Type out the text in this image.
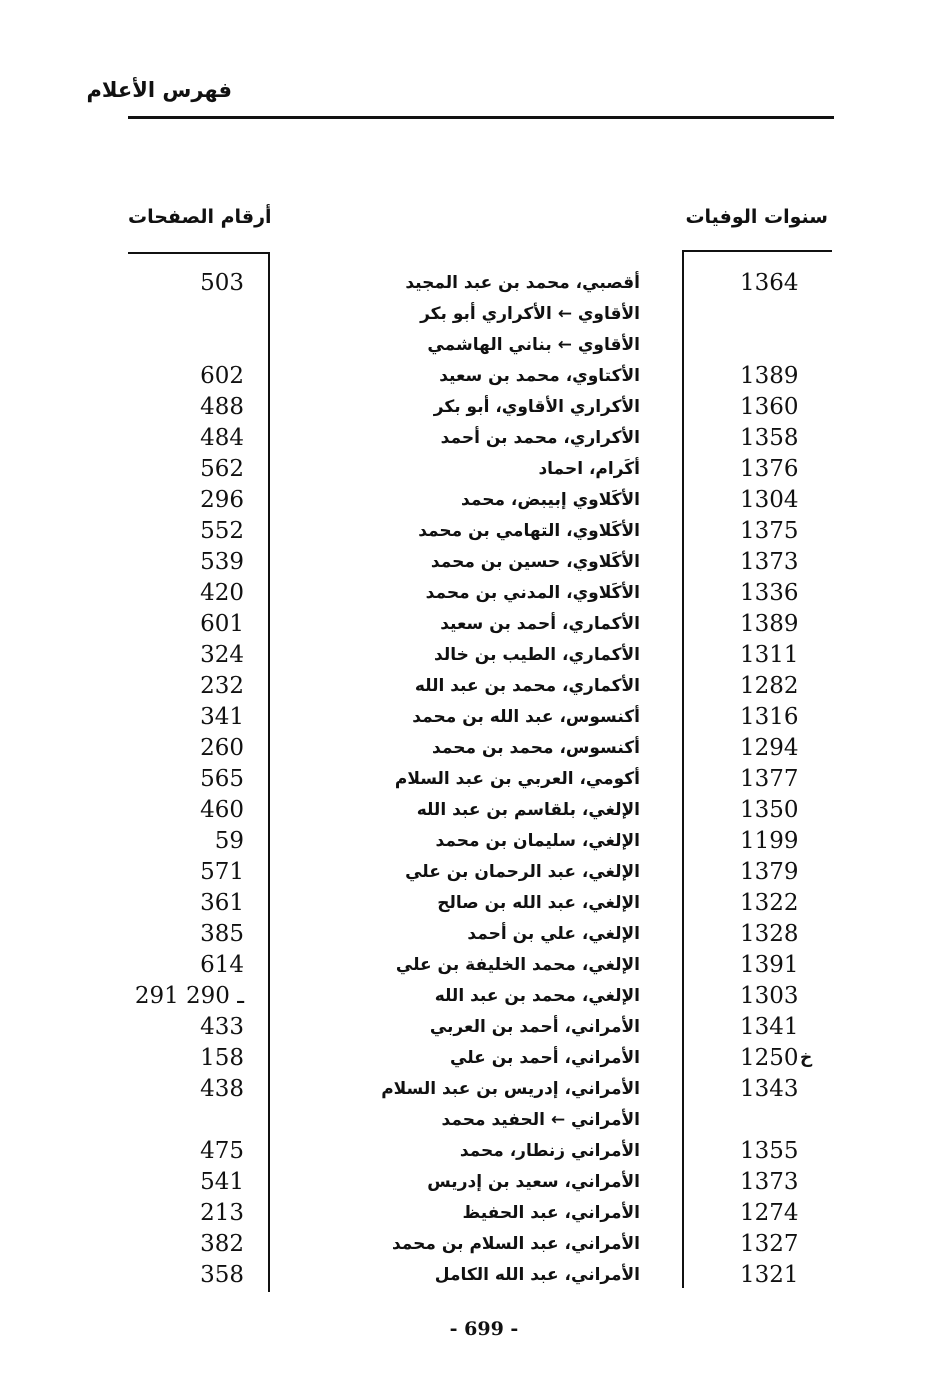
فهرس الأعلام
سنوات الوفيات
أرقام الصفحات
503	أقصبي، محمد بن عبد المجيد	1364
الأقاوي ← الأكراري أبو بكر
الأقاوي ← بناني الهاشمي
602	الأكتاوي، محمد بن سعيد	1389
488	الأكراري الأقاوي، أبو بكر	1360
484	الأكراري، محمد بن أحمد	1358
562	أكَرام، احماد	1376
296	الأكَلاوي إبيبض، محمد	1304
552	الأكَلاوي، التهامي بن محمد	1375
539	الأكَلاوي، حسين بن محمد	1373
420	الأكَلاوي، المدني بن محمد	1336
601	الأكماري، أحمد بن سعيد	1389
324	الأكماري، الطيب بن خالد	1311
232	الأكماري، محمد بن عبد الله	1282
341	أكنسوس، عبد الله بن محمد	1316
260	أكنسوس، محمد بن محمد	1294
565	أكومي، العربي بن عبد السلام	1377
460	الإلغي، بلقاسم بن عبد الله	1350
59	الإلغي، سليمان بن محمد	1199
571	الإلغي، عبد الرحمان بن علي	1379
361	الإلغي، عبد الله بن صالح	1322
385	الإلغي، علي بن أحمد	1328
614	الإلغي، محمد الخليفة بن علي	1391
291 ـ 290	الإلغي، محمد بن عبد الله	1303
433	الأمراني، أحمد بن العربي	1341
158	الأمراني، أحمد بن علي	1250 خ
438	الأمراني، إدريس بن عبد السلام	1343
الأمراني ← الحفيد محمد
475	الأمراني زنطار، محمد	1355
541	الأمراني، سعيد بن إدريس	1373
213	الأمراني، عبد الحفيظ	1274
382	الأمراني، عبد السلام بن محمد	1327
358	الأمراني، عبد الله الكامل	1321
- 699 -
